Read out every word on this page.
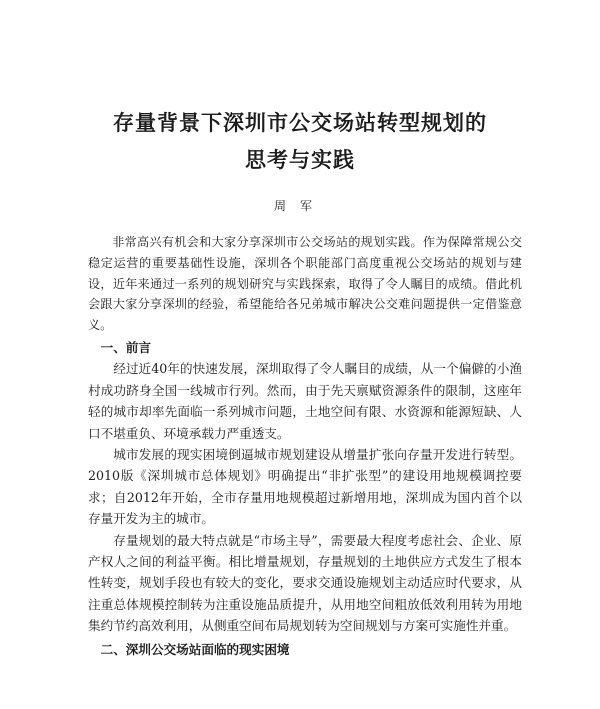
存量背景下深圳市公交场站转型规划的
思考与实践
周军

非常高兴有机会和大家分享深圳市公交场站的规划实践。作为保障常规公交稳定运营的重要基础性设施，深圳各个职能部门高度重视公交场站的规划与建设，近年来通过一系列的规划研究与实践探索，取得了令人瞩目的成绩。借此机会跟大家分享深圳的经验，希望能给各兄弟城市解决公交难问题提供一定借鉴意义。

一、前言

经过近40年的快速发展，深圳取得了令人瞩目的成绩，从一个偏僻的小渔村成功跻身全国一线城市行列。然而，由于先天禀赋资源条件的限制，这座年轻的城市却率先面临一系列城市问题，土地空间有限、水资源和能源短缺、人口不堪重负、环境承载力严重透支。

城市发展的现实困境倒逼城市规划建设从增量扩张向存量开发进行转型。2010版《深圳城市总体规划》明确提出“非扩张型”的建设用地规模调控要求；自2012年开始，全市存量用地规模超过新增用地，深圳成为国内首个以存量开发为主的城市。

存量规划的最大特点就是“市场主导”，需要最大程度考虑社会、企业、原产权人之间的利益平衡。相比增量规划，存量规划的土地供应方式发生了根本性转变，规划手段也有较大的变化，要求交通设施规划主动适应时代要求，从注重总体规模控制转为注重设施品质提升，从用地空间粗放低效利用转为用地集约节约高效利用，从侧重空间布局规划转为空间规划与方案可实施性并重。

二、深圳公交场站面临的现实困境
